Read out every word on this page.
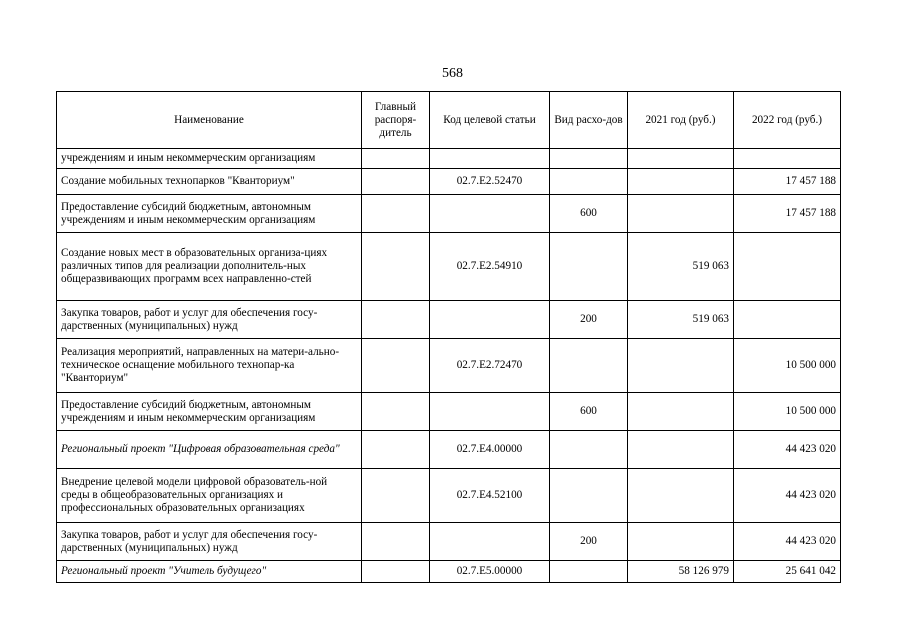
568
Наименование	Главный распоря-дитель	Код целевой статьи	Вид расхо-дов	2021 год (руб.)	2022 год (руб.)
учреждениям и иным некоммерческим организациям					
Создание мобильных технопарков "Кванториум"		02.7.E2.52470			17 457 188
Предоставление субсидий бюджетным, автономным учреждениям и иным некоммерческим организациям			600		17 457 188
Создание новых мест в образовательных организа-циях различных типов для реализации дополнитель-ных общеразвивающих программ всех направленно-стей		02.7.E2.54910		519 063	
Закупка товаров, работ и услуг для обеспечения госу-дарственных (муниципальных) нужд			200	519 063	
Реализация мероприятий, направленных на матери-ально-техническое оснащение мобильного технопар-ка "Кванториум"		02.7.E2.72470			10 500 000
Предоставление субсидий бюджетным, автономным учреждениям и иным некоммерческим организациям			600		10 500 000
Региональный проект "Цифровая образовательная среда"		02.7.E4.00000			44 423 020
Внедрение целевой модели цифровой образователь-ной среды в общеобразовательных организациях и профессиональных образовательных организациях		02.7.E4.52100			44 423 020
Закупка товаров, работ и услуг для обеспечения госу-дарственных (муниципальных) нужд			200		44 423 020
Региональный проект "Учитель будущего"		02.7.E5.00000		58 126 979	25 641 042
